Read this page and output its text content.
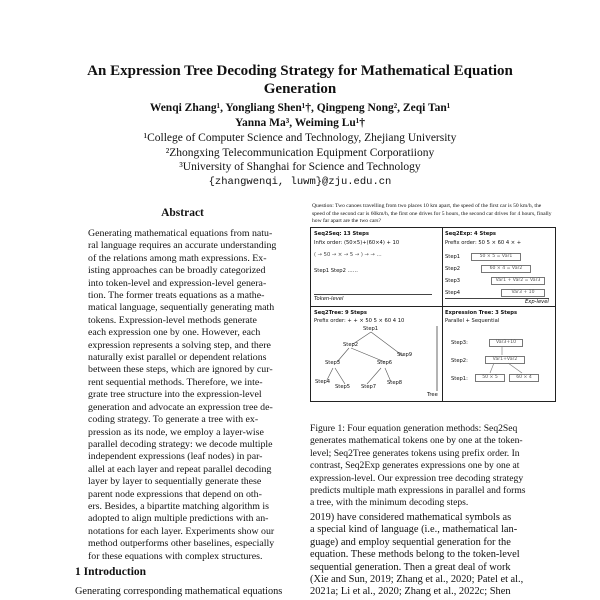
An Expression Tree Decoding Strategy for Mathematical Equation
Generation
Wenqi Zhang¹, Yongliang Shen¹†, Qingpeng Nong², Zeqi Tan¹
Yanna Ma³, Weiming Lu¹†
¹College of Computer Science and Technology, Zhejiang University
²Zhongxing Telecommunication Equipment Corporatiiony
³University of Shanghai for Science and Technology
{zhangwenqi, luwm}@zju.edu.cn
Abstract
Generating mathematical equations from natu-
ral language requires an accurate understanding
of the relations among math expressions. Ex-
isting approaches can be broadly categorized
into token-level and expression-level genera-
tion. The former treats equations as a mathe-
matical language, sequentially generating math
tokens. Expression-level methods generate
each expression one by one. However, each
expression represents a solving step, and there
naturally exist parallel or dependent relations
between these steps, which are ignored by cur-
rent sequential methods. Therefore, we inte-
grate tree structure into the expression-level
generation and advocate an expression tree de-
coding strategy. To generate a tree with ex-
pression as its node, we employ a layer-wise
parallel decoding strategy: we decode multiple
independent expressions (leaf nodes) in par-
allel at each layer and repeat parallel decoding
layer by layer to sequentially generate these
parent node expressions that depend on oth-
ers. Besides, a bipartite matching algorithm is
adopted to align multiple predictions with an-
notations for each layer. Experiments show our
method outperforms other baselines, especially
for these equations with complex structures.
1 Introduction
Generating corresponding mathematical equations
Question: Two canoes travelling from two places 10 km apart, the speed of the first car is 50 km/h, the speed of the second car is 60km/h, the first one drives for 5 hours, the second car drives for 4 hours, finally how far apart are the two cars?
Seq2Seq: 13 Steps
Infix order: (50×5)+(60×4) + 10
( → 50 → × → 5 → ) → → …
Step1 Step2 ……
Token-level
Seq2Exp: 4 Steps
Prefix order: 50 5 × 60 4 × +
Step1
Step2
Step3
Step4
50 × 5 = Var1
60 × 4 = Var2
Var1 + Var2 = Var3
Var3 + 10
Exp-level
Seq2Tree: 9 Steps
Prefix order: + + × 50 5 × 60 4 10
Step1
Step2
Step3
Step4
Step5
Step6
Step7
Step8
Step9
Tree
Expression Tree: 3 Steps
Parallel + Sequential
Step3:
Step2:
Step1:
Var3+10
Var1+Var2
50 × 5	60 × 4
Figure 1: Four equation generation methods: Seq2Seq
generates mathematical tokens one by one at the token-
level; Seq2Tree generates tokens using prefix order. In
contrast, Seq2Exp generates expressions one by one at
expression-level. Our expression tree decoding strategy
predicts multiple math expressions in parallel and forms
a tree, with the minimum decoding steps.
2019) have considered mathematical symbols as
a special kind of language (i.e., mathematical lan-
guage) and employ sequential generation for the
equation. These methods belong to the token-level
sequential generation. Then a great deal of work
(Xie and Sun, 2019; Zhang et al., 2020; Patel et al.,
2021a; Li et al., 2020; Zhang et al., 2022c; Shen
